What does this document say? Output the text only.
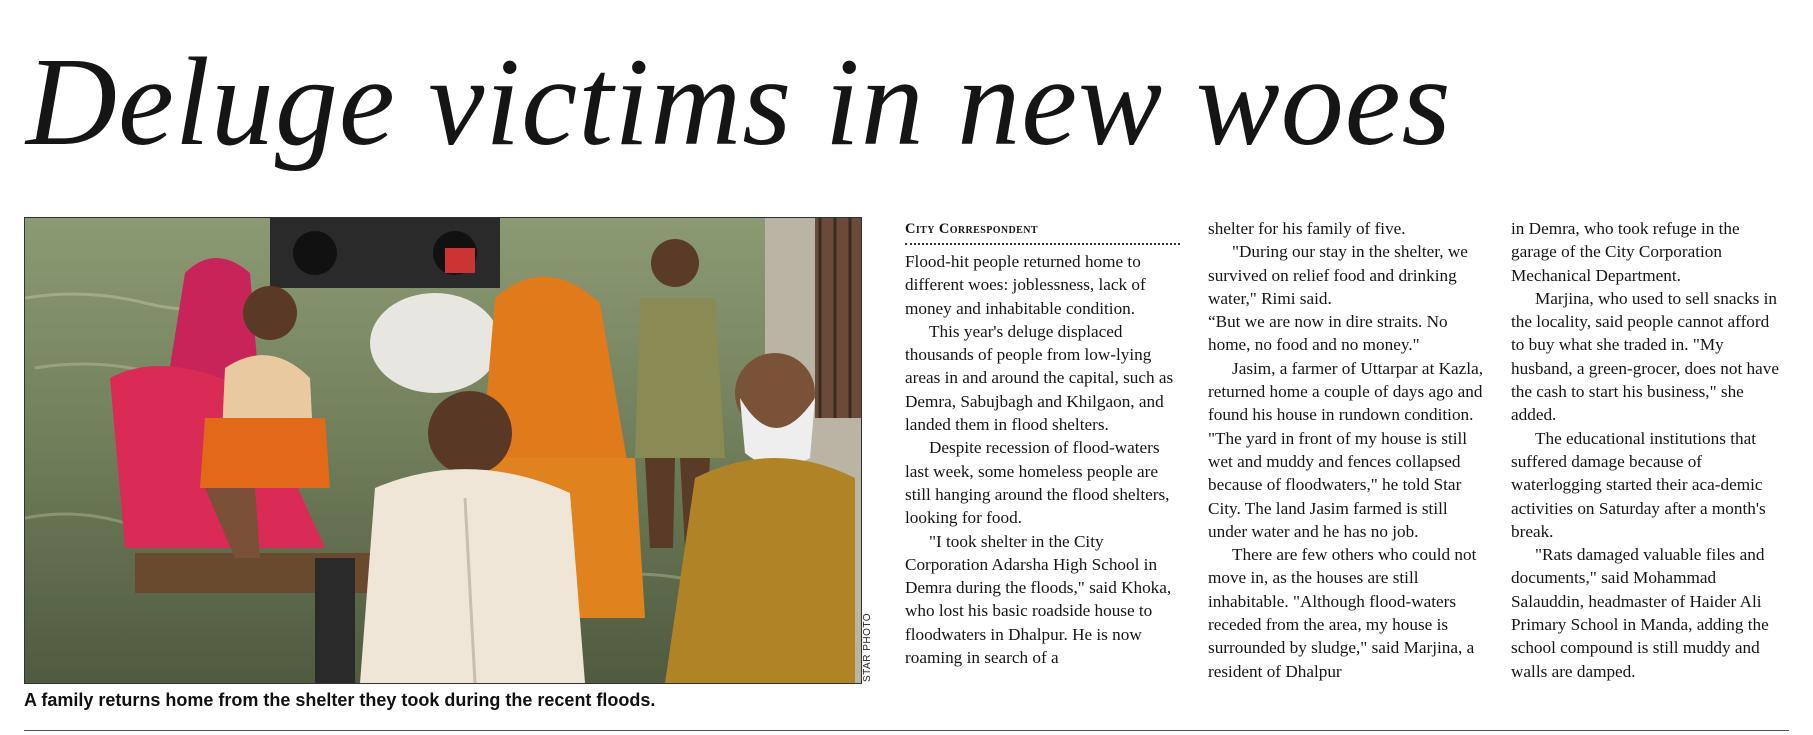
Deluge victims in new woes
STAR PHOTO

A family returns home from the shelter they took during the recent floods.

City Correspondent

Flood-hit people returned home to different woes: joblessness, lack of money and inhabitable condition.

This year's deluge displaced thousands of people from low-lying areas in and around the capital, such as Demra, Sabujbagh and Khilgaon, and landed them in flood shelters.

Despite recession of flood-waters last week, some homeless people are still hanging around the flood shelters, looking for food.

"I took shelter in the City Corporation Adarsha High School in Demra during the floods," said Khoka, who lost his basic roadside house to floodwaters in Dhalpur. He is now roaming in search of a

shelter for his family of five.

"During our stay in the shelter, we survived on relief food and drinking water," Rimi said.

“But we are now in dire straits. No home, no food and no money."

Jasim, a farmer of Uttarpar at Kazla, returned home a couple of days ago and found his house in rundown condition. "The yard in front of my house is still wet and muddy and fences collapsed because of floodwaters," he told Star City. The land Jasim farmed is still under water and he has no job.

There are few others who could not move in, as the houses are still inhabitable. "Although flood-waters receded from the area, my house is surrounded by sludge," said Marjina, a resident of Dhalpur

in Demra, who took refuge in the garage of the City Corporation Mechanical Department.

Marjina, who used to sell snacks in the locality, said people cannot afford to buy what she traded in. "My husband, a green-grocer, does not have the cash to start his business," she added.

The educational institutions that suffered damage because of waterlogging started their aca-demic activities on Saturday after a month's break.

"Rats damaged valuable files and documents," said Mohammad Salauddin, headmaster of Haider Ali Primary School in Manda, adding the school compound is still muddy and walls are damped.
